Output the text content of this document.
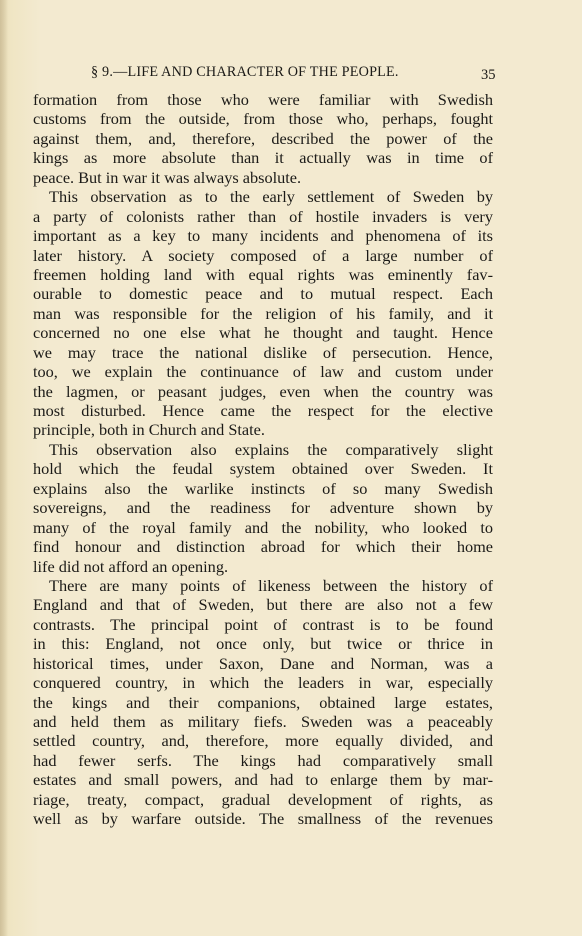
§ 9.—LIFE AND CHARACTER OF THE PEOPLE.	35
formation from those who were familiar with Swedish
customs from the outside, from those who, perhaps, fought
against them, and, therefore, described the power of the
kings as more absolute than it actually was in time of
peace. But in war it was always absolute.
This observation as to the early settlement of Sweden by
a party of colonists rather than of hostile invaders is very
important as a key to many incidents and phenomena of its
later history. A society composed of a large number of
freemen holding land with equal rights was eminently fav-
ourable to domestic peace and to mutual respect. Each
man was responsible for the religion of his family, and it
concerned no one else what he thought and taught. Hence
we may trace the national dislike of persecution. Hence,
too, we explain the continuance of law and custom under
the lagmen, or peasant judges, even when the country was
most disturbed. Hence came the respect for the elective
principle, both in Church and State.
This observation also explains the comparatively slight
hold which the feudal system obtained over Sweden. It
explains also the warlike instincts of so many Swedish
sovereigns, and the readiness for adventure shown by
many of the royal family and the nobility, who looked to
find honour and distinction abroad for which their home
life did not afford an opening.
There are many points of likeness between the history of
England and that of Sweden, but there are also not a few
contrasts. The principal point of contrast is to be found
in this: England, not once only, but twice or thrice in
historical times, under Saxon, Dane and Norman, was a
conquered country, in which the leaders in war, especially
the kings and their companions, obtained large estates,
and held them as military fiefs. Sweden was a peaceably
settled country, and, therefore, more equally divided, and
had fewer serfs. The kings had comparatively small
estates and small powers, and had to enlarge them by mar-
riage, treaty, compact, gradual development of rights, as
well as by warfare outside. The smallness of the revenues
